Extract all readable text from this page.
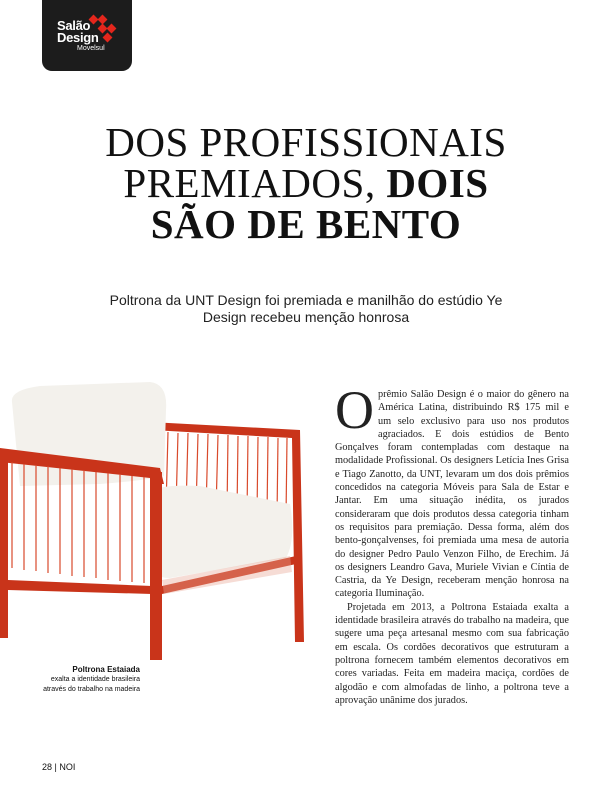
Salão
Design
Movelsul
DOS PROFISSIONAIS
PREMIADOS, DOIS
SÃO DE BENTO
Poltrona da UNT Design foi premiada e manilhão do estúdio Ye Design recebeu menção honrosa
Poltrona Estaiada
exalta a identidade brasileira através do trabalho na madeira

Oprêmio Salão Design é o maior do gênero na América Latina, distribuindo R$ 175 mil e um selo exclusivo para uso nos produtos agraciados. E dois estúdios de Bento Gonçalves foram contempladas com destaque na modalidade Profissional. Os designers Letícia Ines Grisa e Tiago Zanotto, da UNT, levaram um dos dois prêmios concedidos na categoria Móveis para Sala de Estar e Jantar. Em uma situação inédita, os jurados consideraram que dois produtos dessa categoria tinham os requisitos para premiação. Dessa forma, além dos bento-gonçalvenses, foi premiada uma mesa de autoria do designer Pedro Paulo Venzon Filho, de Erechim. Já os designers Leandro Gava, Muriele Vivian e Cíntia de Castria, da Ye Design, receberam menção honrosa na categoria Iluminação.

Projetada em 2013, a Poltrona Estaiada exalta a identidade brasileira através do trabalho na madeira, que sugere uma peça artesanal mesmo com sua fabricação em escala. Os cordões decorativos que estruturam a poltrona fornecem também elementos decorativos em cores variadas. Feita em madeira maciça, cordões de algodão e com almofadas de linho, a poltrona teve a aprovação unânime dos jurados.

28 | NOI
